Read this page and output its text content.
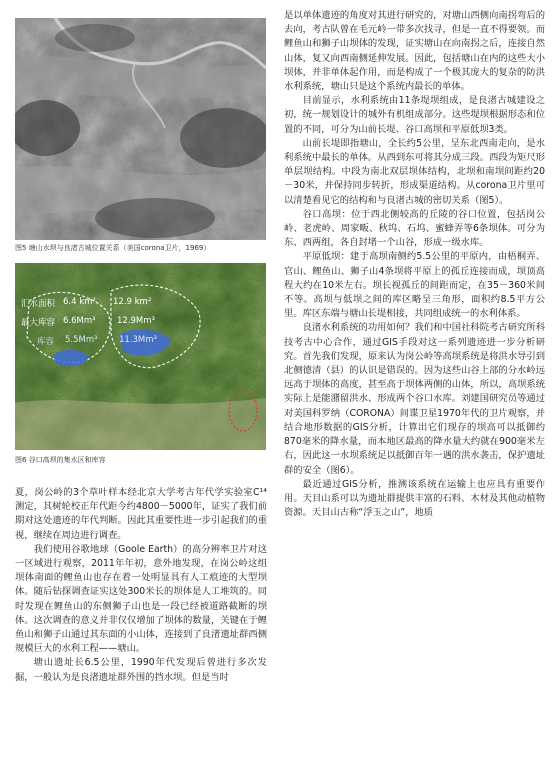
图5 塘山水坝与良渚古城位置关系（美国corona卫片，1969）
汇水面积 6.4 km² 12.9 km²
最大库容 6.6Mm³	12.9Mm³
库容 5.5Mm³	11.3Mm³
图6 谷口高坝的集水区和库容

夏，岗公岭的3个草叶样本经北京大学考古年代学实验室C¹⁴测定，其树轮校正年代距今约4800－5000年，证实了我们前期对这处遗迹的年代判断。因此其重要性进一步引起我们的重视，继续在周边进行调查。

我们使用谷歌地球（Goole Earth）的高分辨率卫片对这一区域进行观察，2011年年初，意外地发现，在岗公岭这组坝体南面的鲤鱼山也存在着一处明显具有人工痕迹的大型坝体。随后钻探调查证实这处300米长的坝体是人工堆筑的。同时发现在鲤鱼山的东侧狮子山也是一段已经被道路截断的坝体。这次调查的意义并非仅仅增加了坝体的数量，关键在于鲤鱼山和狮子山通过其东面的小山体，连接到了良渚遗址群西侧规模巨大的水利工程——塘山。

塘山遗址长6.5公里，1990年代发现后曾进行多次发掘，一般认为是良渚遗址群外围的挡水坝。但是当时

是以单体遗迹的角度对其进行研究的，对塘山西侧向南拐弯后的去向，考古队曾在毛元岭一带多次找寻，但是一直不得要领。而鲤鱼山和狮子山坝体的发现，证实塘山在向南拐之后，连接自然山体，复又向西南侧延伸发展。因此，包括塘山在内的这些大小坝体，并非单体起作用，而是构成了一个极其庞大的复杂的防洪水利系统，塘山只是这个系统内最长的单体。

目前显示，水利系统由11条堤坝组成，是良渚古城建设之初，统一规划设计的城外有机组成部分。这些堤坝根据形态和位置的不同，可分为山前长堤、谷口高坝和平原低坝3类。

山前长堤即指塘山，全长约5公里，呈东北西南走向，是水利系统中最长的单体。从西到东可将其分成三段。西段为矩尺形单层坝结构。中段为南北双层坝体结构，北坝和南坝间距约20－30米，并保持同步转折，形成渠道结构。从corona卫片里可以清楚看见它的结构和与良渚古城的密切关系（图5）。

谷口高坝：位于西北侧较高的丘陵的谷口位置，包括岗公岭、老虎岭、周家畈、秋坞、石坞、蜜蜂弄等6条坝体。可分为东、西两组，各自封堵一个山谷，形成一级水库。

平原低坝：建于高坝南侧约5.5公里的平原内，由梧桐弄、官山、鲤鱼山、狮子山4条坝将平原上的孤丘连接而成，坝顶高程大约在10米左右。坝长视孤丘的间距而定，在35－360米间不等。高坝与低坝之间的库区略呈三角形，面积约8.5平方公里。库区东端与塘山长堤相接，共同组成统一的水利体系。

良渚水利系统的功用如何？我们和中国社科院考古研究所科技考古中心合作，通过GIS手段对这一系列遗迹进一步分析研究。首先我们发现，原来认为岗公岭等高坝系统是将洪水导引到北侧德清（县）的认识是错误的。因为这些山谷上部的分水岭远远高于坝体的高度，甚至高于坝体两侧的山体，所以，高坝系统实际上是能潴留洪水、形成两个谷口水库。刘建国研究员等通过对美国科罗纳（CORONA）间谍卫星1970年代的卫片观察，并结合地形数据的GIS分析，计算出它们现存的坝高可以抵御约870毫米的降水量，而本地区最高的降水量大约就在900毫米左右，因此这一水坝系统足以抵御百年一遇的洪水袭击，保护遗址群的安全（图6）。

最近通过GIS分析，推测该系统在运输上也应具有重要作用。天目山系可以为遗址群提供丰富的石料、木材及其他动植物资源。天目山古称“浮玉之山”，地质
